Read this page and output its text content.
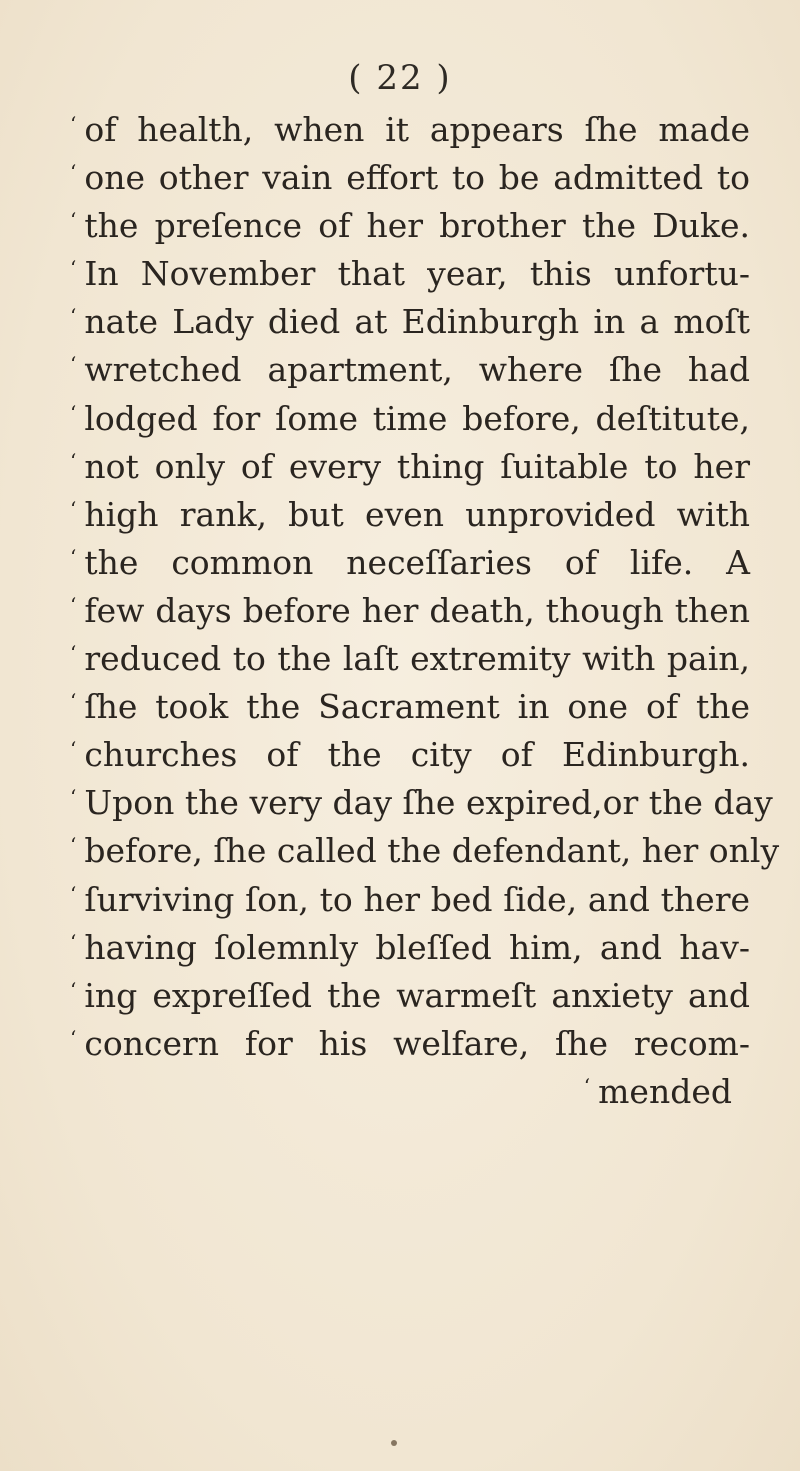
( 22 )
‘ of health, when it appears ſhe made
‘ one other vain effort to be admitted to
‘ the preſence of her brother the Duke.
‘ In November that year, this unfortu-
‘ nate Lady died at Edinburgh in a moſt
‘ wretched apartment, where ſhe had
‘ lodged for ſome time before, deſtitute,
‘ not only of every thing ſuitable to her
‘ high rank, but even unprovided with
‘ the common neceſſaries of life. A
‘ few days before her death, though then
‘ reduced to the laſt extremity with pain,
‘ ſhe took the Sacrament in one of the
‘ churches of the city of Edinburgh.
‘ Upon the very day ſhe expired,or the day
‘ before, ſhe called the defendant, her only
‘ ſurviving ſon, to her bed ſide, and there
‘ having ſolemnly bleſſed him, and hav-
‘ ing expreſſed the warmeſt anxiety and
‘ concern for his welfare, ſhe recom-
‘ mended
